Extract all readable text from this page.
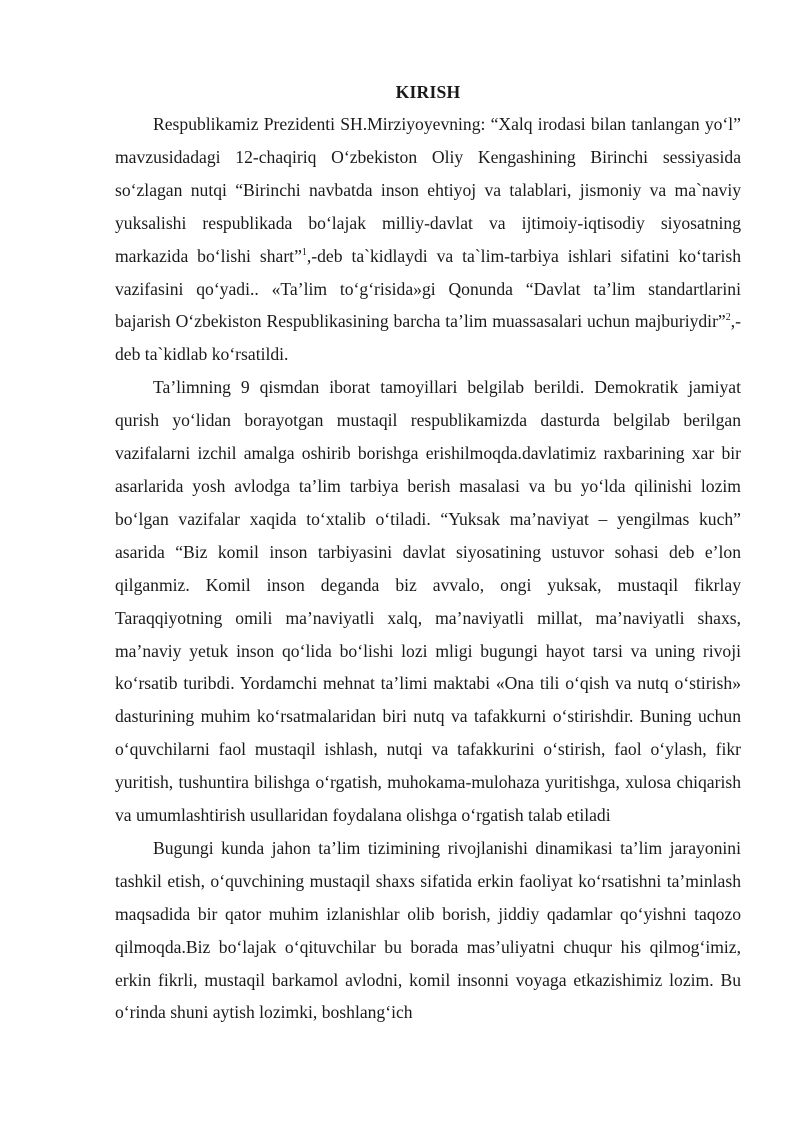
KIRISH

Respublikamiz Prezidenti SH.Mirziyoyevning: “Xalq irodasi bilan tanlangan yo‘l” mavzusidadagi 12-chaqiriq O‘zbekiston Oliy Kengashining Birinchi sessiyasida so‘zlagan nutqi “Birinchi navbatda inson ehtiyoj va talablari, jismoniy va ma`naviy yuksalishi respublikada bo‘lajak milliy-davlat va ijtimoiy-iqtisodiy siyosatning markazida bo‘lishi shart”$^1$,-deb ta`kidlaydi va ta`lim-tarbiya ishlari sifatini ko‘tarish vazifasini qo‘yadi.. «Ta’lim to‘g‘risida»gi Qonunda “Davlat ta’lim standartlarini bajarish O‘zbekiston Respublikasining barcha ta’lim muassasalari uchun majburiydir”$^2$,- deb ta`kidlab ko‘rsatildi.

Ta’limning 9 qismdan iborat tamoyillari belgilab berildi. Demokratik jamiyat qurish yo‘lidan borayotgan mustaqil respublikamizda dasturda belgilab berilgan vazifalarni izchil amalga oshirib borishga erishilmoqda.davlatimiz raxbarining xar bir asarlarida yosh avlodga ta’lim tarbiya berish masalasi va bu yo‘lda qilinishi lozim bo‘lgan vazifalar xaqida to‘xtalib o‘tiladi. “Yuksak ma’naviyat – yengilmas kuch” asarida “Biz komil inson tarbiyasini davlat siyosatining ustuvor sohasi deb e’lon qilganmiz. Komil inson deganda biz avvalo, ongi yuksak, mustaqil fikrlay Taraqqiyotning omili ma’naviyatli xalq, ma’naviyatli millat, ma’naviyatli shaxs, ma’naviy yetuk inson qo‘lida bo‘lishi lozi mligi bugungi hayot tarsi va uning rivoji ko‘rsatib turibdi. Yordamchi mehnat ta’limi maktabi «Ona tili o‘qish va nutq o‘stirish» dasturining muhim ko‘rsatmalaridan biri nutq va tafakkurni o‘stirishdir. Buning uchun o‘quvchilarni faol mustaqil ishlash, nutqi va tafakkurini o‘stirish, faol o‘ylash, fikr yuritish, tushuntira bilishga o‘rgatish, muhokama-mulohaza yuritishga, xulosa chiqarish va umumlashtirish usullaridan foydalana olishga o‘rgatish talab etiladi

Bugungi kunda jahon ta’lim tizimining rivojlanishi dinamikasi ta’lim jarayonini tashkil etish, o‘quvchining mustaqil shaxs sifatida erkin faoliyat ko‘rsatishni ta’minlash maqsadida bir qator muhim izlanishlar olib borish, jiddiy qadamlar qo‘yishni taqozo qilmoqda.Biz bo‘lajak o‘qituvchilar bu borada mas’uliyatni chuqur his qilmog‘imiz, erkin fikrli, mustaqil barkamol avlodni, komil insonni voyaga etkazishimiz lozim. Bu o‘rinda shuni aytish lozimki, boshlang‘ich
